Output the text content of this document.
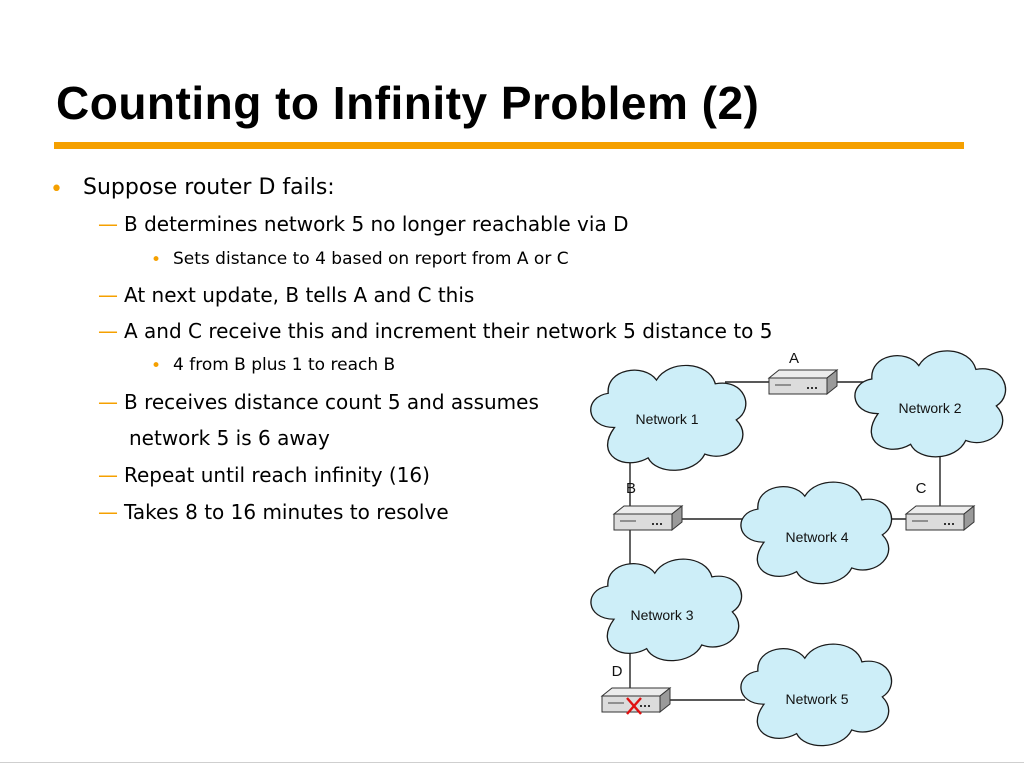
Counting to Infinity Problem (2)
• Suppose router D fails:
— B determines network 5 no longer reachable via D
• Sets distance to 4 based on report from A or C
— At next update, B tells A and C this
— A and C receive this and increment their network 5 distance to 5
• 4 from B plus 1 to reach B
— B receives distance count 5 and assumes
network 5 is 6 away
— Repeat until reach infinity (16)
— Takes 8 to 16 minutes to resolve
Network 1
Network 2
Network 4
Network 3
Network 5
A
B	C
D
